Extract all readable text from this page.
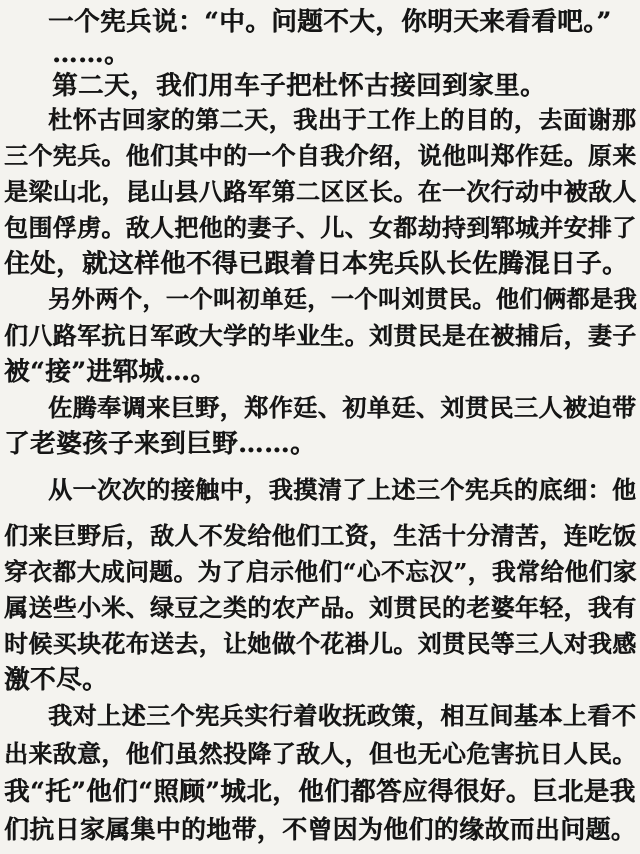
一个宪兵说：“中。问题不大，你明天来看看吧。”
……。
第二天，我们用车子把杜怀古接回到家里。
杜怀古回家的第二天，我出于工作上的目的，去面谢那
三个宪兵。他们其中的一个自我介绍，说他叫郑作廷。原来
是梁山北，昆山县八路军第二区区长。在一次行动中被敌人
包围俘虏。敌人把他的妻子、儿、女都劫持到郓城并安排了
住处，就这样他不得已跟着日本宪兵队长佐腾混日子。
另外两个，一个叫初单廷，一个叫刘贯民。他们俩都是我
们八路军抗日军政大学的毕业生。刘贯民是在被捕后，妻子
被“接”进郓城…。
佐腾奉调来巨野，郑作廷、初单廷、刘贯民三人被迫带
了老婆孩子来到巨野……。
从一次次的接触中，我摸清了上述三个宪兵的底细：他
们来巨野后，敌人不发给他们工资，生活十分清苦，连吃饭
穿衣都大成问题。为了启示他们“心不忘汉”，我常给他们家
属送些小米、绿豆之类的农产品。刘贯民的老婆年轻，我有
时候买块花布送去，让她做个花褂儿。刘贯民等三人对我感
激不尽。
我对上述三个宪兵实行着收抚政策，相互间基本上看不
出来敌意，他们虽然投降了敌人，但也无心危害抗日人民。
我“托”他们“照顾”城北，他们都答应得很好。巨北是我
们抗日家属集中的地带，不曾因为他们的缘故而出问题。
